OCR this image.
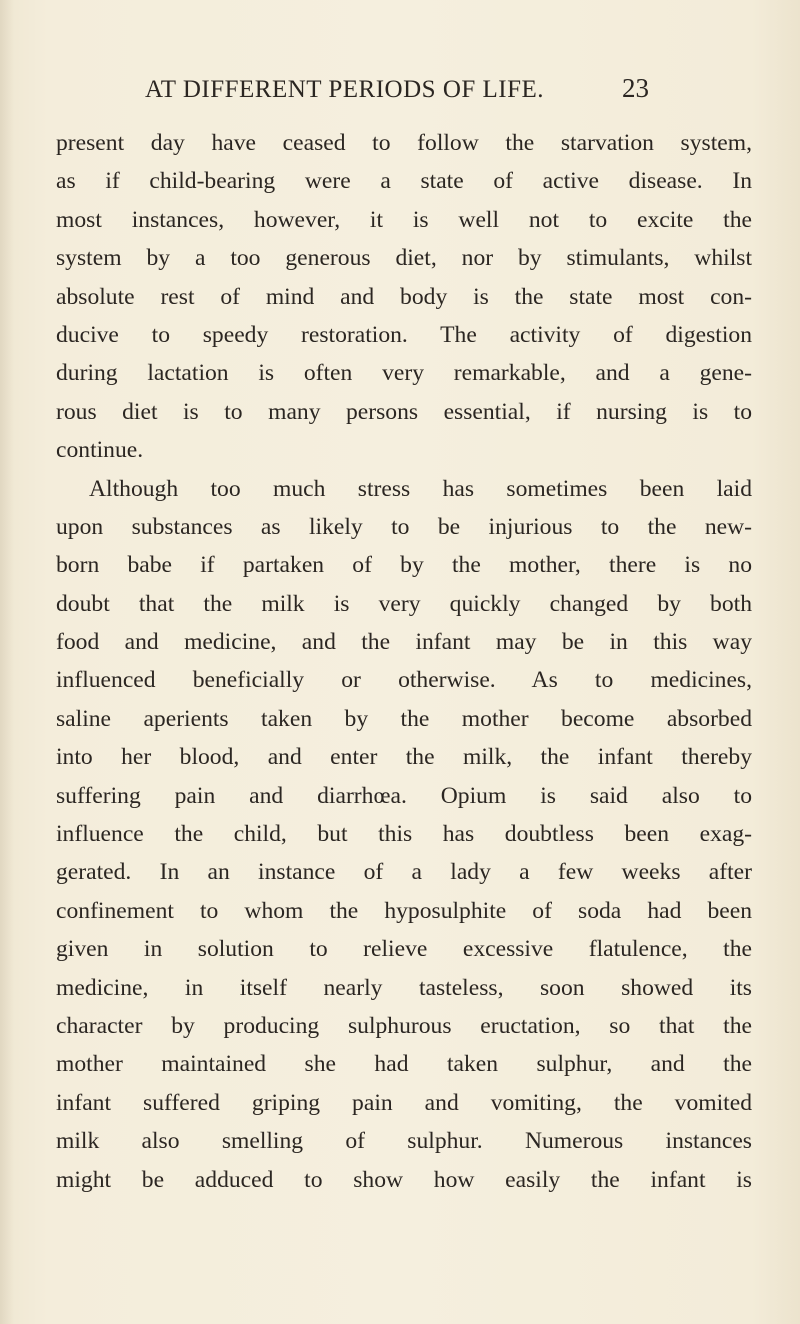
AT DIFFERENT PERIODS OF LIFE.	23
present day have ceased to follow the starvation system,
as if child-bearing were a state of active disease. In
most instances, however, it is well not to excite the
system by a too generous diet, nor by stimulants, whilst
absolute rest of mind and body is the state most con-
ducive to speedy restoration. The activity of digestion
during lactation is often very remarkable, and a gene-
rous diet is to many persons essential, if nursing is to
continue.
Although too much stress has sometimes been laid
upon substances as likely to be injurious to the new-
born babe if partaken of by the mother, there is no
doubt that the milk is very quickly changed by both
food and medicine, and the infant may be in this way
influenced beneficially or otherwise. As to medicines,
saline aperients taken by the mother become absorbed
into her blood, and enter the milk, the infant thereby
suffering pain and diarrhœa. Opium is said also to
influence the child, but this has doubtless been exag-
gerated. In an instance of a lady a few weeks after
confinement to whom the hyposulphite of soda had been
given in solution to relieve excessive flatulence, the
medicine, in itself nearly tasteless, soon showed its
character by producing sulphurous eructation, so that the
mother maintained she had taken sulphur, and the
infant suffered griping pain and vomiting, the vomited
milk also smelling of sulphur. Numerous instances
might be adduced to show how easily the infant is
